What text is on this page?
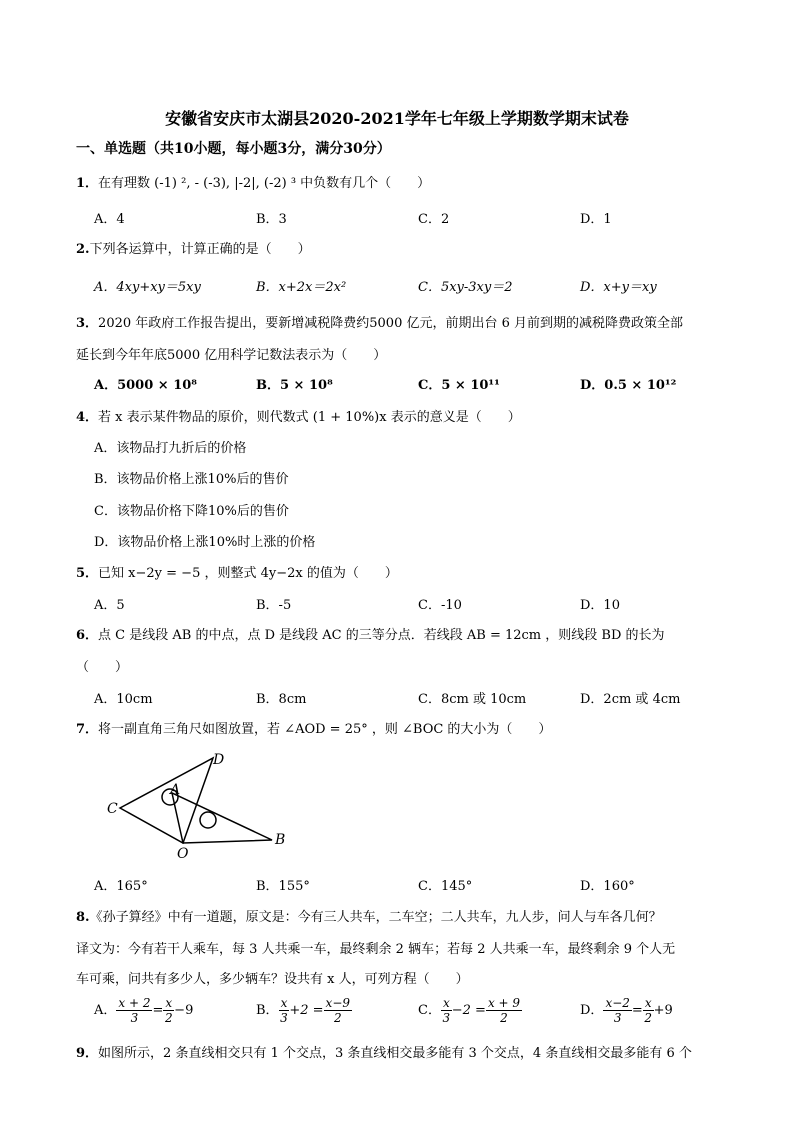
安徽省安庆市太湖县2020-2021学年七年级上学期数学期末试卷
一、单选题（共10小题，每小题3分，满分30分）
1．在有理数 (-1) ², - (-3), |-2|, (-2) ³ 中负数有几个（　　）
A．4	B．3	C．2	D．1
2.下列各运算中，计算正确的是（　　）
A．4xy+xy＝5xy	B．x+2x＝2x²	C．5xy-3xy＝2	D．x+y＝xy
3．2020 年政府工作报告提出，要新增减税降费约5000 亿元，前期出台 6 月前到期的减税降费政策全部
延长到今年年底5000 亿用科学记数法表示为（　　）
A．5000 × 10⁸	B．5 × 10⁸	C．5 × 10¹¹	D．0.5 × 10¹²
4．若 x 表示某件物品的原价，则代数式 (1 + 10%)x 表示的意义是（　　）
A．该物品打九折后的价格
B．该物品价格上涨10%后的售价
C．该物品价格下降10%后的售价
D．该物品价格上涨10%时上涨的价格
5．已知 x−2y = −5 ，则整式 4y−2x 的值为（　　）
A．5	B．-5	C．-10	D．10
6．点 C 是线段 AB 的中点，点 D 是线段 AC 的三等分点．若线段 AB = 12cm ，则线段 BD 的长为
（　　）
A．10cm	B．8cm	C．8cm 或 10cm	D．2cm 或 4cm
7．将一副直角三角尺如图放置，若 ∠AOD = 25° ，则 ∠BOC 的大小为（　　）
D
A
C
O
B
A．165°	B．155°	C．145°	D．160°
8.《孙子算经》中有一道题，原文是：今有三人共车，二车空；二人共车，九人步，问人与车各几何？
译文为：今有若干人乘车，每 3 人共乘一车，最终剩余 2 辆车；若每 2 人共乘一车，最终剩余 9 个人无
车可乘，问共有多少人，多少辆车？设共有 x 人，可列方程（　　）
A． $\frac{x + 2}{3} = \frac{x}{2} -9$	B． $\frac{x}{3} +2 = \frac{x-9}{2}$	C． $\frac{x}{3} -2 = \frac{x + 9}{2}$	D． $\frac{x-2}{3} = \frac{x}{2} +9$
9．如图所示，2 条直线相交只有 1 个交点，3 条直线相交最多能有 3 个交点，4 条直线相交最多能有 6 个
